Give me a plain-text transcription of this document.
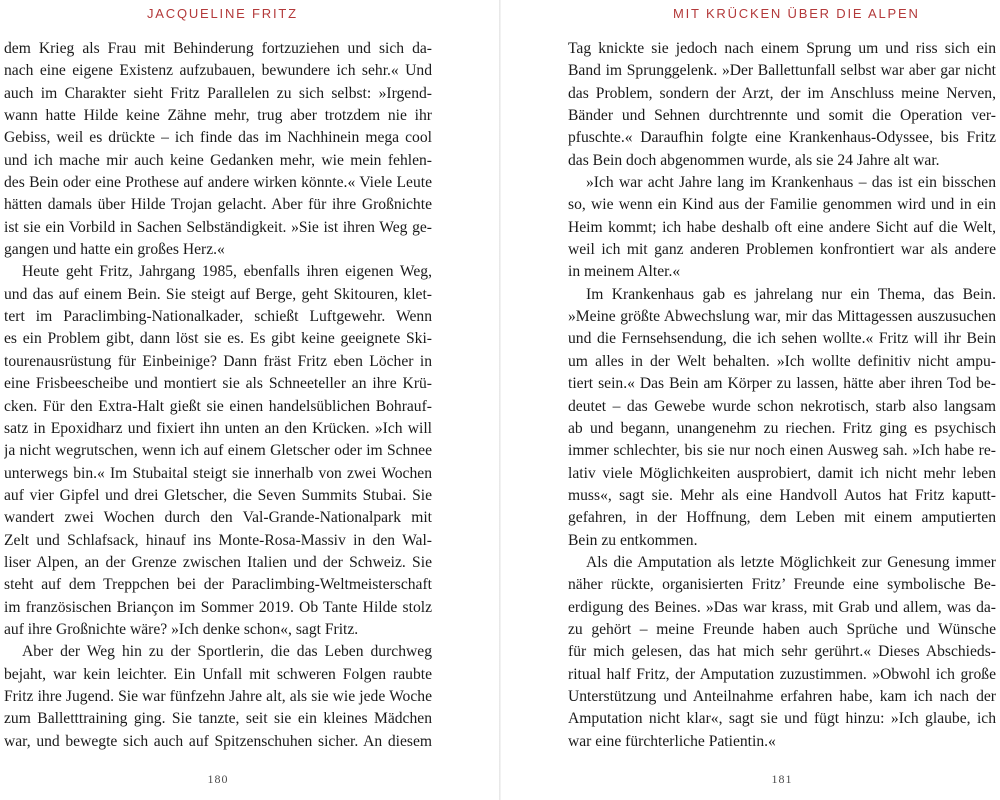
JACQUELINE FRITZ

dem Krieg als Frau mit Behinderung fortzuziehen und sich da-
nach eine eigene Existenz aufzubauen, bewundere ich sehr.« Und
auch im Charakter sieht Fritz Parallelen zu sich selbst: »Irgend-
wann hatte Hilde keine Zähne mehr, trug aber trotzdem nie ihr
Gebiss, weil es drückte – ich finde das im Nachhinein mega cool
und ich mache mir auch keine Gedanken mehr, wie mein fehlen-
des Bein oder eine Prothese auf andere wirken könnte.« Viele Leute
hätten damals über Hilde Trojan gelacht. Aber für ihre Großnichte
ist sie ein Vorbild in Sachen Selbständigkeit. »Sie ist ihren Weg ge-
gangen und hatte ein großes Herz.«

Heute geht Fritz, Jahrgang 1985, ebenfalls ihren eigenen Weg,
und das auf einem Bein. Sie steigt auf Berge, geht Skitouren, klet-
tert im Paraclimbing-Nationalkader, schießt Luftgewehr. Wenn
es ein Problem gibt, dann löst sie es. Es gibt keine geeignete Ski-
tourenausrüstung für Einbeinige? Dann fräst Fritz eben Löcher in
eine Frisbeescheibe und montiert sie als Schneeteller an ihre Krü-
cken. Für den Extra-Halt gießt sie einen handelsüblichen Bohrauf-
satz in Epoxidharz und fixiert ihn unten an den Krücken. »Ich will
ja nicht wegrutschen, wenn ich auf einem Gletscher oder im Schnee
unterwegs bin.« Im Stubaital steigt sie innerhalb von zwei Wochen
auf vier Gipfel und drei Gletscher, die Seven Summits Stubai. Sie
wandert zwei Wochen durch den Val-Grande-Nationalpark mit
Zelt und Schlafsack, hinauf ins Monte-Rosa-Massiv in den Wal-
liser Alpen, an der Grenze zwischen Italien und der Schweiz. Sie
steht auf dem Treppchen bei der Paraclimbing-Weltmeisterschaft
im französischen Briançon im Sommer 2019. Ob Tante Hilde stolz
auf ihre Großnichte wäre? »Ich denke schon«, sagt Fritz.

Aber der Weg hin zu der Sportlerin, die das Leben durchweg
bejaht, war kein leichter. Ein Unfall mit schweren Folgen raubte
Fritz ihre Jugend. Sie war fünfzehn Jahre alt, als sie wie jede Woche
zum Balletttraining ging. Sie tanzte, seit sie ein kleines Mädchen
war, und bewegte sich auch auf Spitzenschuhen sicher. An diesem

180
MIT KRÜCKEN ÜBER DIE ALPEN

Tag knickte sie jedoch nach einem Sprung um und riss sich ein
Band im Sprunggelenk. »Der Ballettunfall selbst war aber gar nicht
das Problem, sondern der Arzt, der im Anschluss meine Nerven,
Bänder und Sehnen durchtrennte und somit die Operation ver-
pfuschte.« Daraufhin folgte eine Krankenhaus-Odyssee, bis Fritz
das Bein doch abgenommen wurde, als sie 24 Jahre alt war.

»Ich war acht Jahre lang im Krankenhaus – das ist ein bisschen
so, wie wenn ein Kind aus der Familie genommen wird und in ein
Heim kommt; ich habe deshalb oft eine andere Sicht auf die Welt,
weil ich mit ganz anderen Problemen konfrontiert war als andere
in meinem Alter.«

Im Krankenhaus gab es jahrelang nur ein Thema, das Bein.
»Meine größte Abwechslung war, mir das Mittagessen auszusuchen
und die Fernsehsendung, die ich sehen wollte.« Fritz will ihr Bein
um alles in der Welt behalten. »Ich wollte definitiv nicht ampu-
tiert sein.« Das Bein am Körper zu lassen, hätte aber ihren Tod be-
deutet – das Gewebe wurde schon nekrotisch, starb also langsam
ab und begann, unangenehm zu riechen. Fritz ging es psychisch
immer schlechter, bis sie nur noch einen Ausweg sah. »Ich habe re-
lativ viele Möglichkeiten ausprobiert, damit ich nicht mehr leben
muss«, sagt sie. Mehr als eine Handvoll Autos hat Fritz kaputt-
gefahren, in der Hoffnung, dem Leben mit einem amputierten
Bein zu entkommen.

Als die Amputation als letzte Möglichkeit zur Genesung immer
näher rückte, organisierten Fritz’ Freunde eine symbolische Be-
erdigung des Beines. »Das war krass, mit Grab und allem, was da-
zu gehört – meine Freunde haben auch Sprüche und Wünsche
für mich gelesen, das hat mich sehr gerührt.« Dieses Abschieds-
ritual half Fritz, der Amputation zuzustimmen. »Obwohl ich große
Unterstützung und Anteilnahme erfahren habe, kam ich nach der
Amputation nicht klar«, sagt sie und fügt hinzu: »Ich glaube, ich
war eine fürchterliche Patientin.«

181
